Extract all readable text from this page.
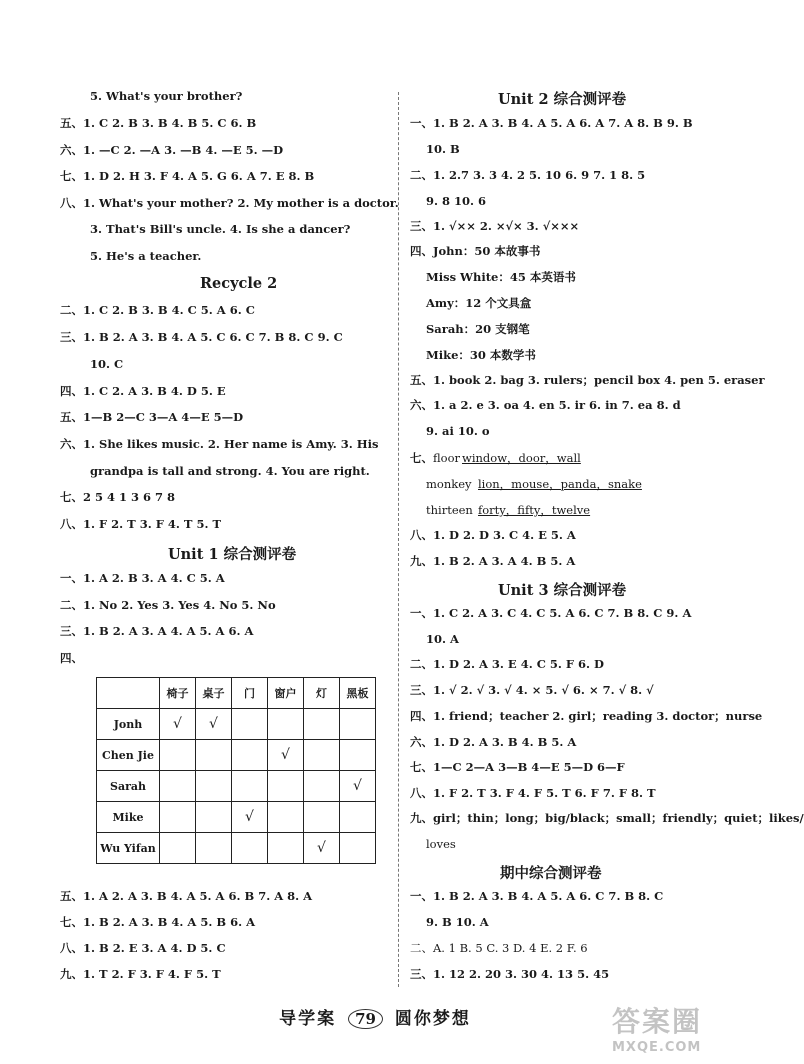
5. What's your brother?
五、1. C 2. B 3. B 4. B 5. C 6. B
六、1. —C 2. —A 3. —B 4. —E 5. —D
七、1. D 2. H 3. F 4. A 5. G 6. A 7. E 8. B
八、1. What's your mother? 2. My mother is a doctor.
3. That's Bill's uncle. 4. Is she a dancer?
5. He's a teacher.
Recycle 2
二、1. C 2. B 3. B 4. C 5. A 6. C
三、1. B 2. A 3. B 4. A 5. C 6. C 7. B 8. C 9. C
10. C
四、1. C 2. A 3. B 4. D 5. E
五、1—B 2—C 3—A 4—E 5—D
六、1. She likes music. 2. Her name is Amy. 3. His
grandpa is tall and strong. 4. You are right.
七、2 5 4 1 3 6 7 8
八、1. F 2. T 3. F 4. T 5. T
Unit 1 综合测评卷
一、1. A 2. B 3. A 4. C 5. A
二、1. No 2. Yes 3. Yes 4. No 5. No
三、1. B 2. A 3. A 4. A 5. A 6. A
四、
	椅子	桌子	门	窗户	灯	黑板
Jonh	√	√				
Chen Jie				√		
Sarah						√
Mike			√			
Wu Yifan					√	
五、1. A 2. A 3. B 4. A 5. A 6. B 7. A 8. A
七、1. B 2. A 3. B 4. A 5. B 6. A
八、1. B 2. E 3. A 4. D 5. C
九、1. T 2. F 3. F 4. F 5. T
Unit 2 综合测评卷
一、1. B 2. A 3. B 4. A 5. A 6. A 7. A 8. B 9. B
10. B
二、1. 2.7 3. 3 4. 2 5. 10 6. 9 7. 1 8. 5
9. 8 10. 6
三、1. √×× 2. ×√× 3. √×××
四、John：50 本故事书
Miss White：45 本英语书
Amy：12 个文具盒
Sarah：20 支钢笔
Mike：30 本数学书
五、1. book 2. bag 3. rulers；pencil box 4. pen 5. eraser
六、1. a 2. e 3. oa 4. en 5. ir 6. in 7. ea 8. d
9. ai 10. o
七、floor window，door，wall
monkey lion，mouse，panda，snake
thirteen forty，fifty，twelve
八、1. D 2. D 3. C 4. E 5. A
九、1. B 2. A 3. A 4. B 5. A
Unit 3 综合测评卷
一、1. C 2. A 3. C 4. C 5. A 6. C 7. B 8. C 9. A
10. A
二、1. D 2. A 3. E 4. C 5. F 6. D
三、1. √ 2. √ 3. √ 4. × 5. √ 6. × 7. √ 8. √
四、1. friend；teacher 2. girl；reading 3. doctor；nurse
六、1. D 2. A 3. B 4. B 5. A
七、1—C 2—A 3—B 4—E 5—D 6—F
八、1. F 2. T 3. F 4. F 5. T 6. F 7. F 8. T
九、girl；thin；long；big/black；small；friendly；quiet；likes/
loves
期中综合测评卷
一、1. B 2. A 3. B 4. A 5. A 6. C 7. B 8. C
9. B 10. A
二、A. 1 B. 5 C. 3 D. 4 E. 2 F. 6
三、1. 12 2. 20 3. 30 4. 13 5. 45
导学案 79 圆你梦想	答案圈
MXQE.COM
